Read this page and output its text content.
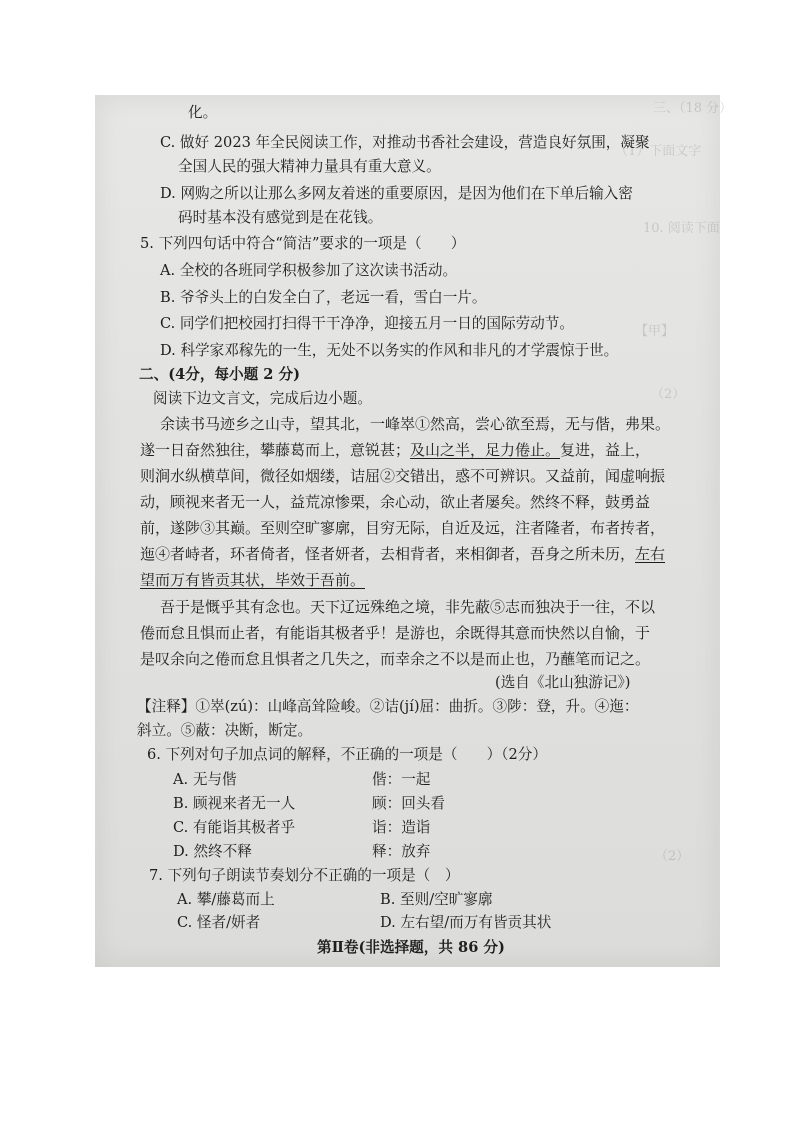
三、（18 分）
（1）下面文字
10. 阅读下面
【甲】
（2）
（2）
化。
C. 做好 2023 年全民阅读工作，对推动书香社会建设，营造良好氛围，凝聚
全国人民的强大精神力量具有重大意义。
D. 网购之所以让那么多网友着迷的重要原因，是因为他们在下单后输入密
码时基本没有感觉到是在花钱。
5. 下列四句话中符合“简洁”要求的一项是（　　）
A. 全校的各班同学积极参加了这次读书活动。
B. 爷爷头上的白发全白了，老远一看，雪白一片。
C. 同学们把校园打扫得干干净净，迎接五月一日的国际劳动节。
D. 科学家邓稼先的一生，无处不以务实的作风和非凡的才学震惊于世。
二、(4分，每小题 2 分)
阅读下边文言文，完成后边小题。
余读书马迹乡之山寺，望其北，一峰崒①然高，尝心欲至焉，无与偕，弗果。
遂一日奋然独往，攀藤葛而上，意锐甚；及山之半，足力倦止。复进，益上，
则涧水纵横草间，微径如烟缕，诘屈②交错出，惑不可辨识。又益前，闻虚响振
动，顾视来者无一人，益荒凉惨栗，余心动，欲止者屡矣。然终不释，鼓勇益
前，遂陟③其巅。至则空旷寥廓，目穷无际，自近及远，注者隆者，布者抟者，
迤④者峙者，环者倚者，怪者妍者，去相背者，来相御者，吾身之所未历，左右
望而万有皆贡其状，毕效于吾前。
吾于是慨乎其有念也。天下辽远殊绝之境，非先蔽⑤志而独决于一往，不以
倦而怠且惧而止者，有能诣其极者乎！是游也，余既得其意而快然以自愉，于
是叹余向之倦而怠且惧者之几失之，而幸余之不以是而止也，乃蘸笔而记之。
(选自《北山独游记》)
【注释】①崒(zú)：山峰高耸险峻。②诘(jí)屈：曲折。③陟：登，升。④迤：
斜立。⑤蔽：决断，断定。
6. 下列对句子加点词的解释，不正确的一项是（　　）（2分）
A. 无与偕	偕：一起
B. 顾视来者无一人	顾：回头看
C. 有能诣其极者乎	诣：造诣
D. 然终不释	释：放弃
7. 下列句子朗读节奏划分不正确的一项是（　）
A. 攀/藤葛而上	B. 至则/空旷寥廓
C. 怪者/妍者	D. 左右望/而万有皆贡其状
第Ⅱ卷(非选择题，共 86 分)
